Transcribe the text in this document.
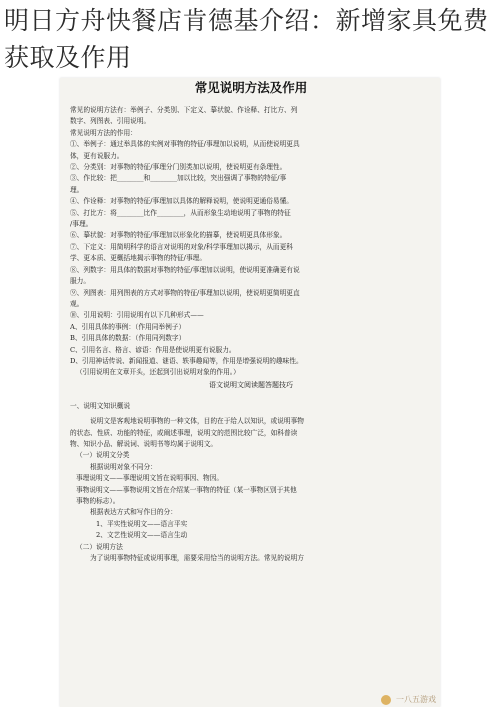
明日方舟快餐店肯德基介绍：新增家具免费获取及作用
常见说明方法及作用
常见的说明方法有：举例子、分类别、下定义、摹状貌、作诠释、打比方、列
数字、列图表、引用说明。
常见说明方法的作用：
①、举例子：通过举具体的实例对事物的特征/事理加以说明，从而使说明更具
体，更有说服力。
②、分类别：对事物的特征/事理分门别类加以说明，使说明更有条理性。
③、作比较：把________和________加以比较，突出强调了事物的特征/事
理。
④、作诠释：对事物的特征/事理加以具体的解释说明，使说明更通俗易懂。
⑤、打比方：将________比作________，从而形象生动地说明了事物的特征
/事理。
⑥、摹状貌：对事物的特征/事理加以形象化的描摹，使说明更具体形象。
⑦、下定义：用简明科学的语言对说明的对象/科学事理加以揭示，从而更科
学、更本质、更概括地揭示事物的特征/事理。
⑧、列数字：用具体的数据对事物的特征/事理加以说明，使说明更准确更有说
服力。
⑨、列图表：用列图表的方式对事物的特征/事理加以说明，使说明更简明更直
观。
⑩、引用说明：引用说明有以下几种形式——
A、引用具体的事例：（作用同举例子）
B、引用具体的数据：（作用同列数字）
C、引用名言、格言、谚语：作用是使说明更有说服力。
D、引用神话传说、新闻报道、谜语、轶事趣闻等，作用是增强说明的趣味性。
（引用说明在文章开头，还起到引出说明对象的作用。）
语文说明文阅读题答题技巧
一、说明文知识概说
说明文是客观地说明事物的一种文体，目的在于给人以知识，或说明事物
的状态、性质、功能的特征，或阐述事理，说明文的范围比较广泛，如科普读
物、知识小品、解说词、说明书等均属于说明文。
（一）说明文分类
根据说明对象不同分：
事理说明文——事理说明文旨在说明事因、物因。
事物说明文——事物说明文旨在介绍某一事物的特征（某一事物区别于其他
事物的标志）。
根据表达方式和写作目的分：
1、平实性说明文——语言平实
2、文艺性说明文——语言生动
（二）说明方法
为了说明事物特征或说明事理，需要采用恰当的说明方法。常见的说明方
一八五游戏
